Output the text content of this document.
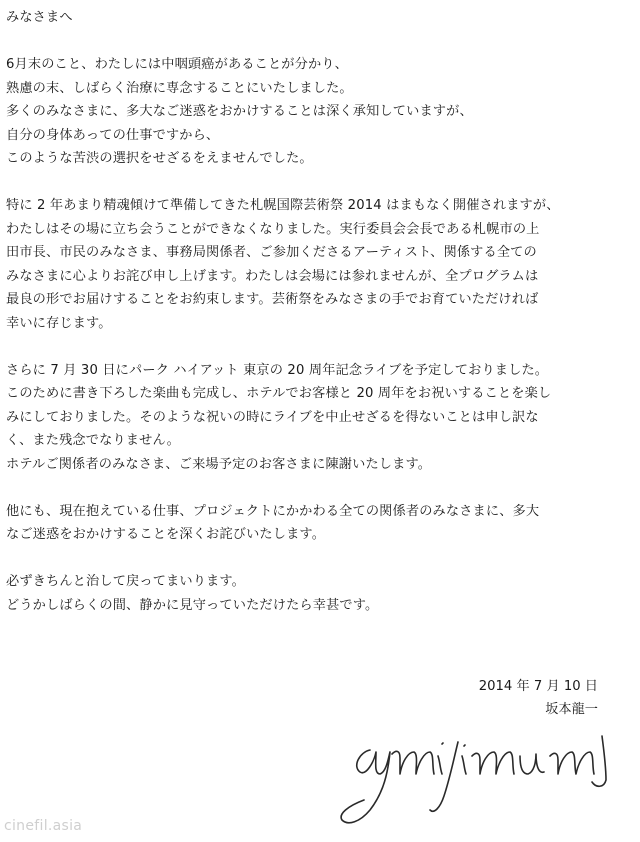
みなさまへ
6月末のこと、わたしには中咽頭癌があることが分かり、
熟慮の末、しばらく治療に専念することにいたしました。
多くのみなさまに、多大なご迷惑をおかけすることは深く承知していますが、
自分の身体あっての仕事ですから、
このような苦渋の選択をせざるをえませんでした。
特に 2 年あまり精魂傾けて準備してきた札幌国際芸術祭 2014 はまもなく開催されますが、
わたしはその場に立ち会うことができなくなりました。実行委員会会長である札幌市の上
田市長、市民のみなさま、事務局関係者、ご参加くださるアーティスト、関係する全ての
みなさまに心よりお詫び申し上げます。わたしは会場には参れませんが、全プログラムは
最良の形でお届けすることをお約束します。芸術祭をみなさまの手でお育ていただければ
幸いに存じます。
さらに 7 月 30 日にパーク ハイアット 東京の 20 周年記念ライブを予定しておりました。
このために書き下ろした楽曲も完成し、ホテルでお客様と 20 周年をお祝いすることを楽し
みにしておりました。そのような祝いの時にライブを中止せざるを得ないことは申し訳な
く、また残念でなりません。
ホテルご関係者のみなさま、ご来場予定のお客さまに陳謝いたします。
他にも、現在抱えている仕事、プロジェクトにかかわる全ての関係者のみなさまに、多大
なご迷惑をおかけすることを深くお詫びいたします。
必ずきちんと治して戻ってまいります。
どうかしばらくの間、静かに見守っていただけたら幸甚です。
2014 年 7 月 10 日
坂本龍一
cinefil.asia
